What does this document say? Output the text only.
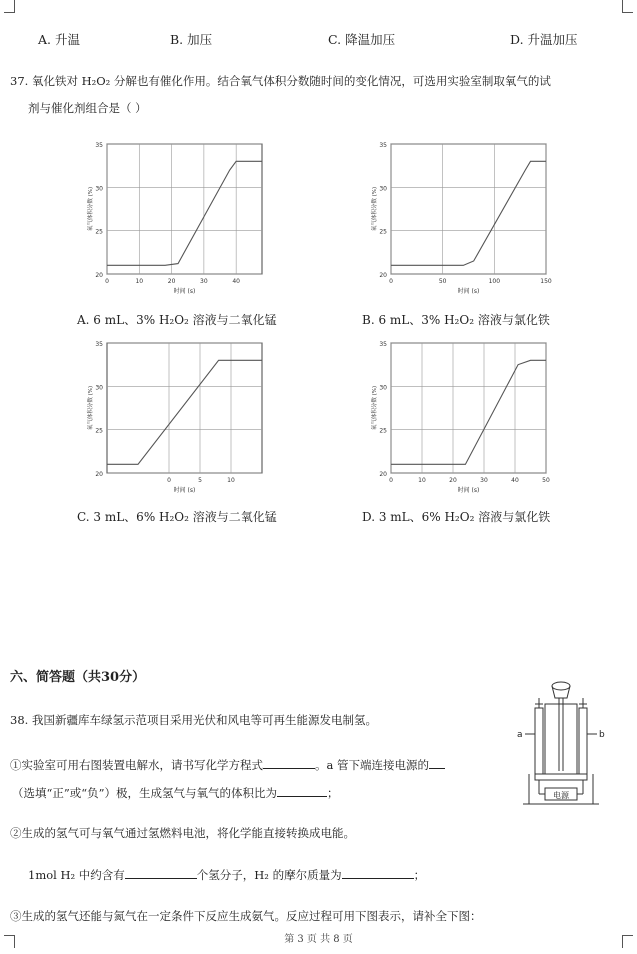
A. 升温	B. 加压	C. 降温加压	D. 升温加压
37. 氧化铁对 H₂O₂ 分解也有催化作用。结合氧气体积分数随时间的变化情况，可选用实验室制取氧气的试
剂与催化剂组合是（ ）
20
25
30
35
0	10	20	30	40
时间 (s)
氧气体积分数 (%)
A. 6 mL、3% H₂O₂ 溶液与二氧化锰
20
25
30
35
0	50	100	150
时间 (s)
氧气体积分数 (%)
B. 6 mL、3% H₂O₂ 溶液与氯化铁
20
25
30
35
0	5	10
时间 (s)
氧气体积分数 (%)
C. 3 mL、6% H₂O₂ 溶液与二氧化锰
20
25
30
35
0	10	20	30	40	50
时间 (s)
氧气体积分数 (%)
D. 3 mL、6% H₂O₂ 溶液与氯化铁
六、简答题（共30分）
38. 我国新疆库车绿氢示范项目采用光伏和风电等可再生能源发电制氢。
①实验室可用右图装置电解水，请书写化学方程式	。a 管下端连接电源的
（选填“正”或“负”）极，生成氢气与氧气的体积比为	；
②生成的氢气可与氧气通过氢燃料电池，将化学能直接转换成电能。
1mol H₂ 中约含有	个氢分子，H₂ 的摩尔质量为	；
③生成的氢气还能与氮气在一定条件下反应生成氨气。反应过程可用下图表示，请补全下图：
a	b
电源
第 3 页 共 8 页
